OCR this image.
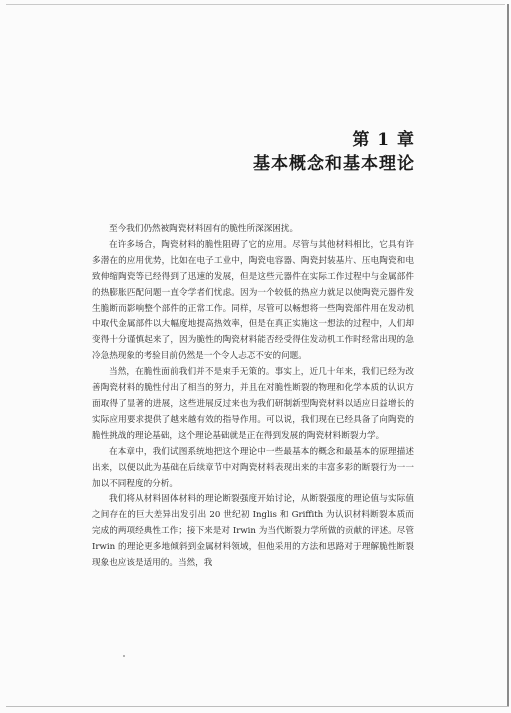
第 1 章
基本概念和基本理论

至今我们仍然被陶瓷材料固有的脆性所深深困扰。

在许多场合，陶瓷材料的脆性阻碍了它的应用。尽管与其他材料相比，它具有许多潜在的应用优势，比如在电子工业中，陶瓷电容器、陶瓷封装基片、压电陶瓷和电致伸缩陶瓷等已经得到了迅速的发展，但是这些元器件在实际工作过程中与金属部件的热膨胀匹配问题一直令学者们忧虑。因为一个较低的热应力就足以使陶瓷元器件发生脆断而影响整个部件的正常工作。同样，尽管可以畅想将一些陶瓷部件用在发动机中取代金属部件以大幅度地提高热效率，但是在真正实施这一想法的过程中，人们却变得十分谨慎起来了，因为脆性的陶瓷材料能否经受得住发动机工作时经常出现的急冷急热现象的考验目前仍然是一个令人忐忑不安的问题。

当然，在脆性面前我们并不是束手无策的。事实上，近几十年来，我们已经为改善陶瓷材料的脆性付出了相当的努力，并且在对脆性断裂的物理和化学本质的认识方面取得了显著的进展，这些进展反过来也为我们研制新型陶瓷材料以适应日益增长的实际应用要求提供了越来越有效的指导作用。可以说，我们现在已经具备了向陶瓷的脆性挑战的理论基础，这个理论基础就是正在得到发展的陶瓷材料断裂力学。

在本章中，我们试图系统地把这个理论中一些最基本的概念和最基本的原理描述出来，以便以此为基础在后续章节中对陶瓷材料表现出来的丰富多彩的断裂行为一一加以不同程度的分析。

我们将从材料固体材料的理论断裂强度开始讨论，从断裂强度的理论值与实际值之间存在的巨大差异出发引出 20 世纪初 Inglis 和 Griffith 为认识材料断裂本质而完成的两项经典性工作；接下来是对 Irwin 为当代断裂力学所做的贡献的评述。尽管 Irwin 的理论更多地倾斜到金属材料领域，但他采用的方法和思路对于理解脆性断裂现象也应该是适用的。当然，我
